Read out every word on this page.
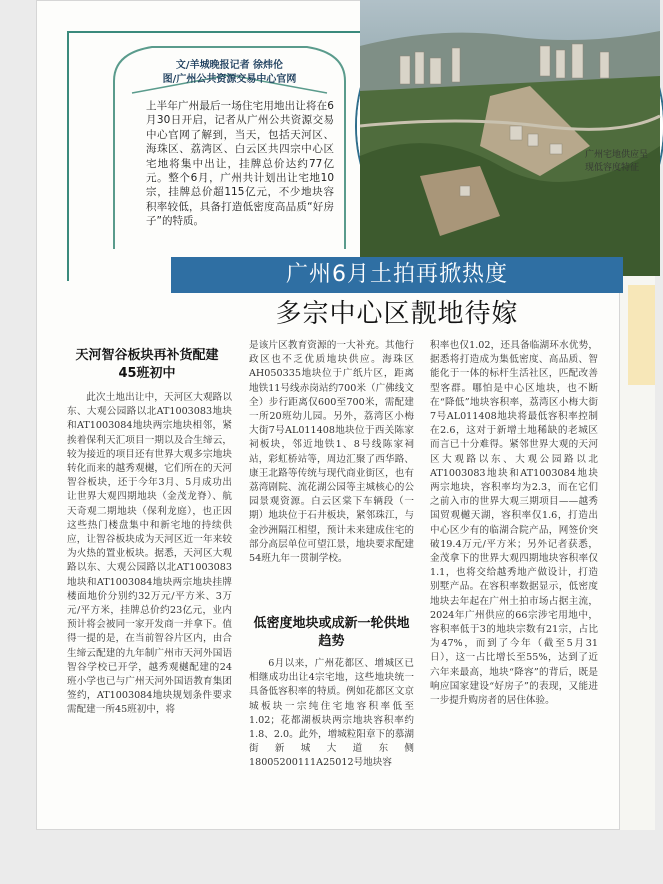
文/羊城晚报记者 徐炜伦
图/广州公共资源交易中心官网
上半年广州最后一场住宅用地出让将在6月30日开启，记者从广州公共资源交易中心官网了解到，当天，包括天河区、海珠区、荔湾区、白云区共四宗中心区宅地将集中出让，挂牌总价达约77亿元。整个6月，广州共计划出让宅地10宗，挂牌总价超115亿元，不少地块容积率较低，具备打造低密度高品质“好房子”的特质。
广州宅地供应呈现低容度特征
广州6月土拍再掀热度
多宗中心区靓地待嫁
天河智谷板块再补货配建45班初中
此次土地出让中，天河区大观路以东、大观公园路以北AT1003083地块和AT1003084地块两宗地块相邻，紧挨着保利天汇项目一期以及合生缔云，较为接近的项目还有世界大观多宗地块转化而来的越秀观樾，它们所在的天河智谷板块，还于今年3月、5月成功出让世界大观四期地块（金茂龙脊）、航天奇观二期地块（保利龙庭），也正因这些热门楼盘集中和新宅地的持续供应，让智谷板块成为天河区近一年来较为火热的置业板块。据悉，天河区大观路以东、大观公园路以北AT1003083地块和AT1003084地块两宗地块挂牌楼面地价分别约32万元/平方米、3万元/平方米，挂牌总价约23亿元，业内预计将会被同一家开发商一并拿下。值得一提的是，在当前智谷片区内，由合生缔云配建的九年制广州市天河外国语智谷学校已开学，越秀观樾配建的24班小学也已与广州天河外国语教育集团签约，AT1003084地块规划条件要求需配建一所45班初中，将
是该片区教育资源的一大补充。其他行政区也不乏优质地块供应。海珠区AH050335地块位于广纸片区，距离地铁11号线赤岗站约700米（广佛线文全）步行距离仅600至700米，需配建一所20班幼儿园。另外，荔湾区小梅大街7号AL011408地块位于西关陈家祠板块，邻近地铁1、8号线陈家祠站，彩虹桥站等，周边汇聚了西华路、康王北路等传统与现代商业街区，也有荔湾剧院、流花湖公园等主城核心的公园景观资源。白云区棠下车辆段（一期）地块位于石井板块，紧邻珠江，与金沙洲隔江相望，预计未来建成住宅的部分高层单位可望江景，地块要求配建54班九年一贯制学校。
低密度地块或成新一轮供地趋势
6月以来，广州花都区、增城区已相继成功出让4宗宅地，这些地块统一具备低容积率的特质。例如花都区文京城板块一宗纯住宅地容积率低至1.02；花都湖板块两宗地块容积率约1.8、2.0。此外，增城粒阳章下的慕湖街新城大道东侧18005200111A25012号地块容
积率也仅1.02，还具备临湖环水优势，据悉将打造成为集低密度、高品质、智能化于一体的标杆生活社区，匹配改善型客群。哪怕是中心区地块，也不断在“降低”地块容积率，荔湾区小梅大街7号AL011408地块将最低容积率控制在2.6，这对于新增土地稀缺的老城区而言已十分难得。紧邻世界大观的天河区大观路以东、大观公园路以北AT1003083地块和AT1003084地块两宗地块，容积率均为2.3，而在它们之前入市的世界大观三期项目——越秀国贸观樾天湖，容积率仅1.6，打造出中心区少有的临湖合院产品，网签价突破19.4万元/平方米；另外记者获悉，金茂拿下的世界大观四期地块容积率仅1.1，也将交给越秀地产做设计，打造别墅产品。在容积率数据显示，低密度地块去年起在广州土拍市场占据主流，2024年广州供应的66宗涉宅用地中，容积率低于3的地块宗数有21宗，占比为47%，而到了今年（截至5月31日），这一占比增长至55%，达到了近六年来最高，地块“降容”的背后，既是响应国家建设“好房子”的表现，又能进一步提升购房者的居住体验。
